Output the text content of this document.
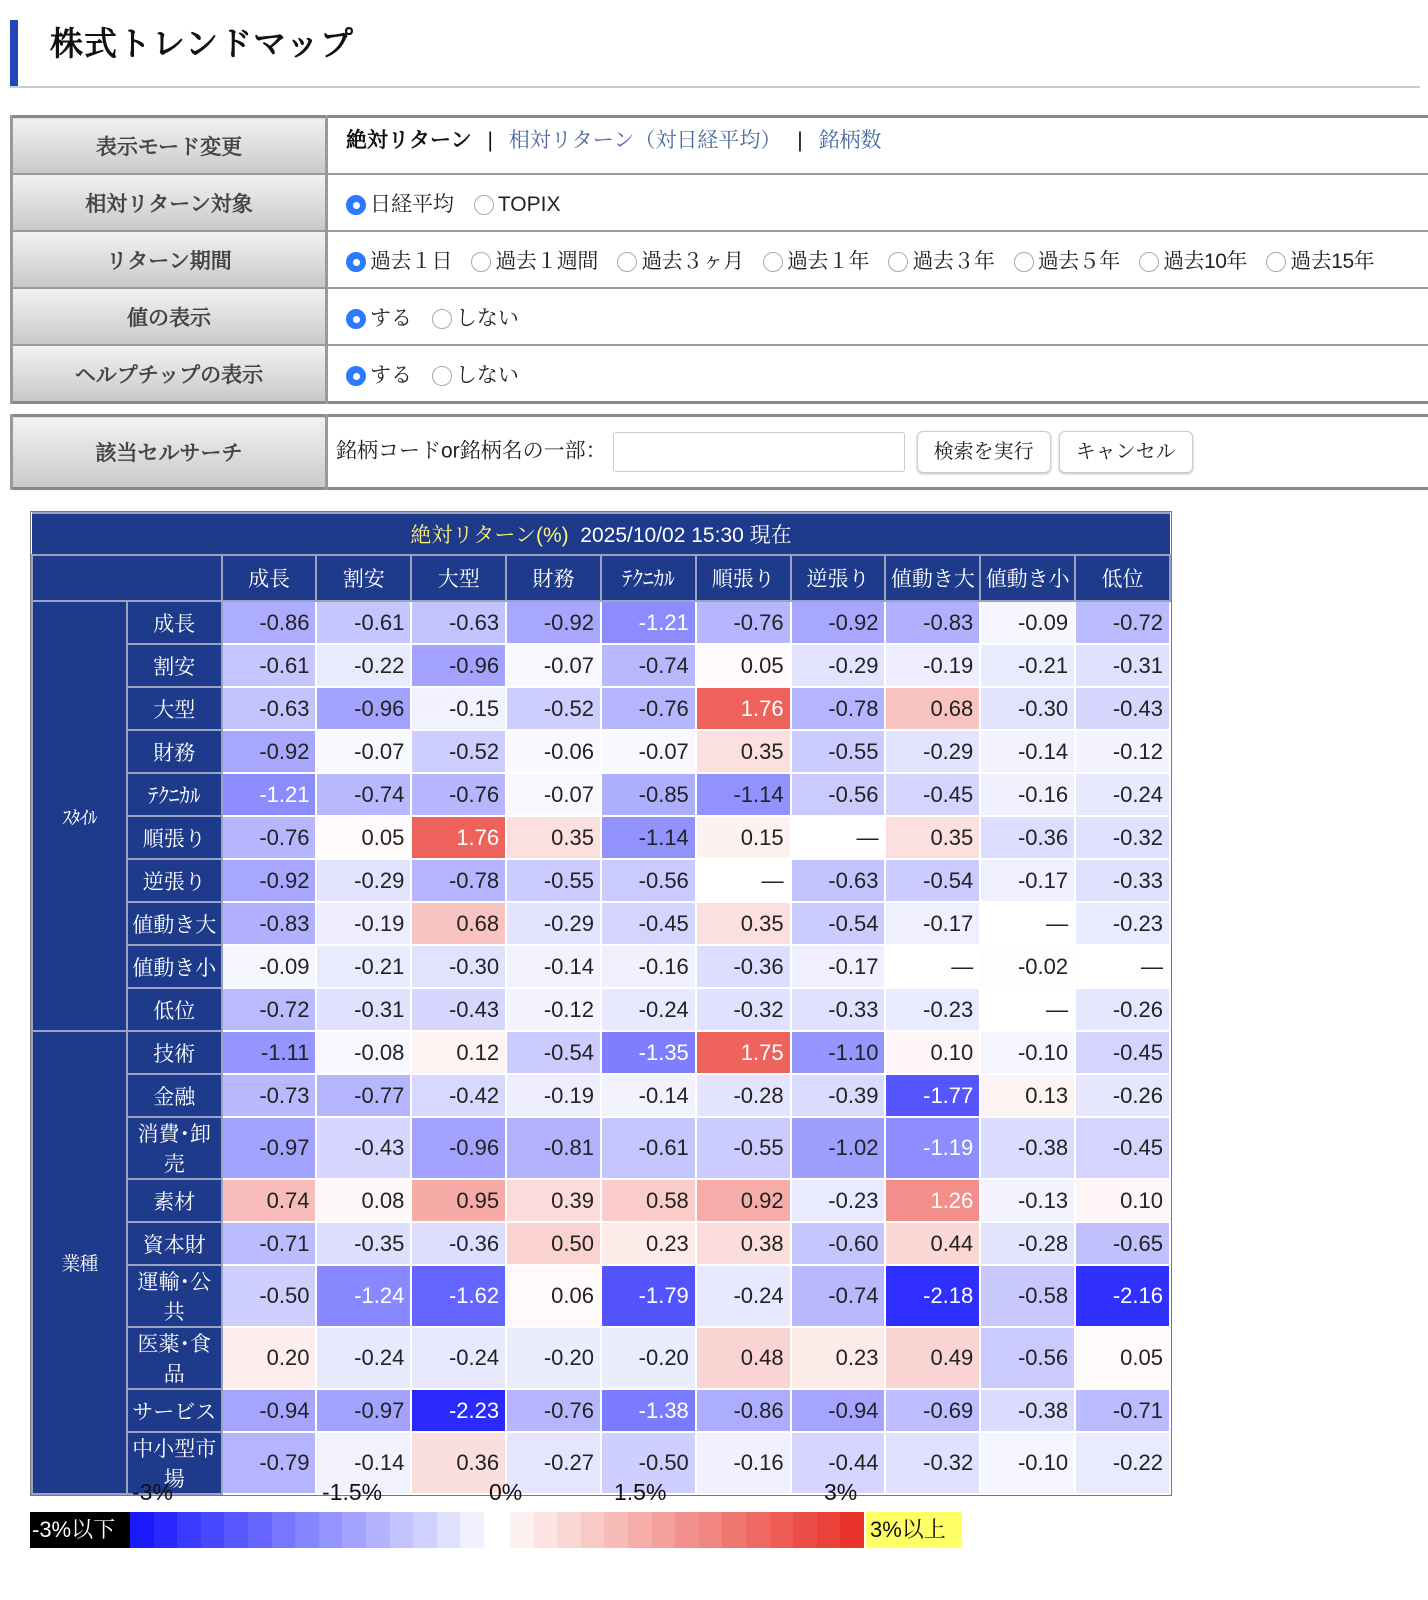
株式トレンドマップ
表示モード変更	絶対リターン | 相対リターン（対日経平均） | 銘柄数

相対リターン対象	日経平均 TOPIX
リターン期間	過去１日 過去１週間 過去３ヶ月 過去１年 過去３年 過去５年 過去10年 過去15年
値の表示	する しない
ヘルプチップの表示	する しない
該当セルサーチ	銘柄コードor銘柄名の一部：	検索を実行 キャンセル
絶対リターン(%) 2025/10/02 15:30 現在											
		成長	割安	大型	財務	ﾃｸﾆｶﾙ	順張り	逆張り	値動き大	値動き小	低位
ｽﾀｲﾙ	成長	-0.86	-0.61	-0.63	-0.92	-1.21	-0.76	-0.92	-0.83	-0.09	-0.72
	割安	-0.61	-0.22	-0.96	-0.07	-0.74	0.05	-0.29	-0.19	-0.21	-0.31
	大型	-0.63	-0.96	-0.15	-0.52	-0.76	1.76	-0.78	0.68	-0.30	-0.43
	財務	-0.92	-0.07	-0.52	-0.06	-0.07	0.35	-0.55	-0.29	-0.14	-0.12
	ﾃｸﾆｶﾙ	-1.21	-0.74	-0.76	-0.07	-0.85	-1.14	-0.56	-0.45	-0.16	-0.24
	順張り	-0.76	0.05	1.76	0.35	-1.14	0.15	—	0.35	-0.36	-0.32
	逆張り	-0.92	-0.29	-0.78	-0.55	-0.56	—	-0.63	-0.54	-0.17	-0.33
	値動き大	-0.83	-0.19	0.68	-0.29	-0.45	0.35	-0.54	-0.17	—	-0.23
	値動き小	-0.09	-0.21	-0.30	-0.14	-0.16	-0.36	-0.17	—	-0.02	—
	低位	-0.72	-0.31	-0.43	-0.12	-0.24	-0.32	-0.33	-0.23	—	-0.26
業種	技術	-1.11	-0.08	0.12	-0.54	-1.35	1.75	-1.10	0.10	-0.10	-0.45
	金融	-0.73	-0.77	-0.42	-0.19	-0.14	-0.28	-0.39	-1.77	0.13	-0.26
	消費･卸売	-0.97	-0.43	-0.96	-0.81	-0.61	-0.55	-1.02	-1.19	-0.38	-0.45
	素材	0.74	0.08	0.95	0.39	0.58	0.92	-0.23	1.26	-0.13	0.10
	資本財	-0.71	-0.35	-0.36	0.50	0.23	0.38	-0.60	0.44	-0.28	-0.65
	運輸･公共	-0.50	-1.24	-1.62	0.06	-1.79	-0.24	-0.74	-2.18	-0.58	-2.16
	医薬･食品	0.20	-0.24	-0.24	-0.20	-0.20	0.48	0.23	0.49	-0.56	0.05
	サービス	-0.94	-0.97	-2.23	-0.76	-1.38	-0.86	-0.94	-0.69	-0.38	-0.71
	中小型市場	-0.79	-0.14	0.36	-0.27	-0.50	-0.16	-0.44	-0.32	-0.10	-0.22
-3%	-1.5%	0%	1.5%	3%
-3%以下	3%以上
